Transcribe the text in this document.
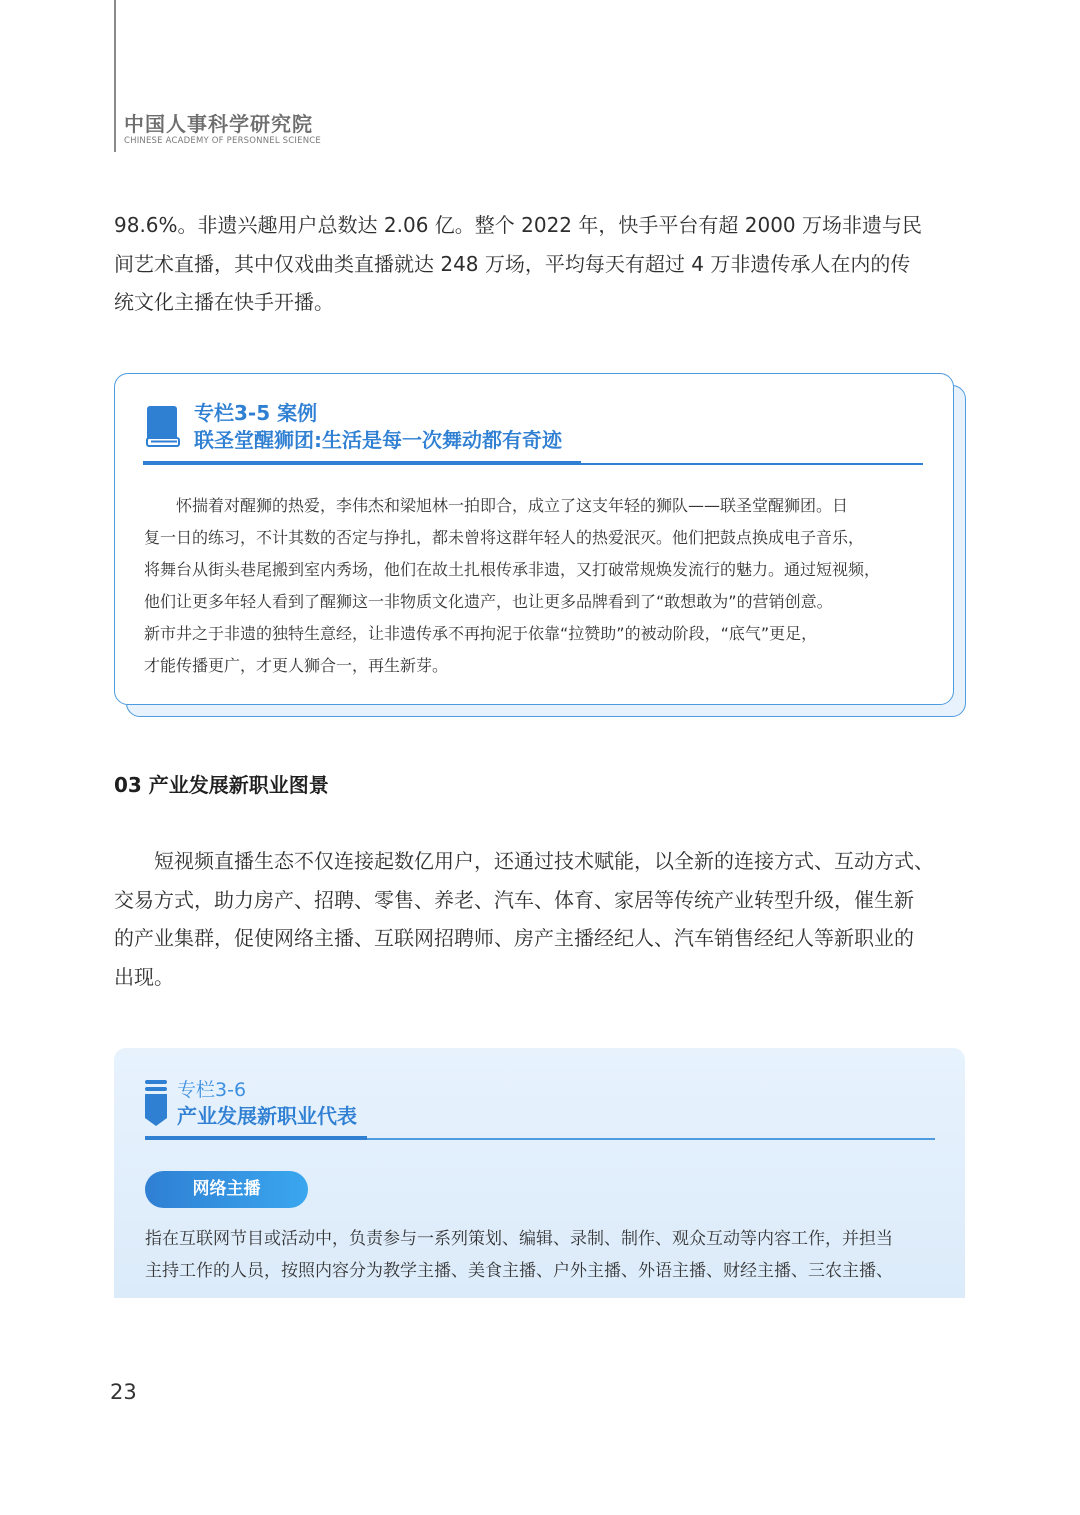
中国人事科学研究院
CHINESE ACADEMY OF PERSONNEL SCIENCE
98.6%。非遗兴趣用户总数达 2.06 亿。整个 2022 年，快手平台有超 2000 万场非遗与民
间艺术直播，其中仅戏曲类直播就达 248 万场，平均每天有超过 4 万非遗传承人在内的传
统文化主播在快手开播。
专栏3-5 案例
联圣堂醒狮团:生活是每一次舞动都有奇迹
　　怀揣着对醒狮的热爱，李伟杰和梁旭林一拍即合，成立了这支年轻的狮队——联圣堂醒狮团。日
复一日的练习，不计其数的否定与挣扎，都未曾将这群年轻人的热爱泯灭。他们把鼓点换成电子音乐，
将舞台从街头巷尾搬到室内秀场，他们在故土扎根传承非遗，又打破常规焕发流行的魅力。通过短视频，
他们让更多年轻人看到了醒狮这一非物质文化遗产，也让更多品牌看到了“敢想敢为”的营销创意。
新市井之于非遗的独特生意经，让非遗传承不再拘泥于依靠“拉赞助”的被动阶段，“底气”更足，
才能传播更广，才更人狮合一，再生新芽。
03 产业发展新职业图景
　　短视频直播生态不仅连接起数亿用户，还通过技术赋能，以全新的连接方式、互动方式、
交易方式，助力房产、招聘、零售、养老、汽车、体育、家居等传统产业转型升级，催生新
的产业集群，促使网络主播、互联网招聘师、房产主播经纪人、汽车销售经纪人等新职业的
出现。
专栏3-6
产业发展新职业代表
网络主播
指在互联网节目或活动中，负责参与一系列策划、编辑、录制、制作、观众互动等内容工作，并担当
主持工作的人员，按照内容分为教学主播、美食主播、户外主播、外语主播、财经主播、三农主播、
23
